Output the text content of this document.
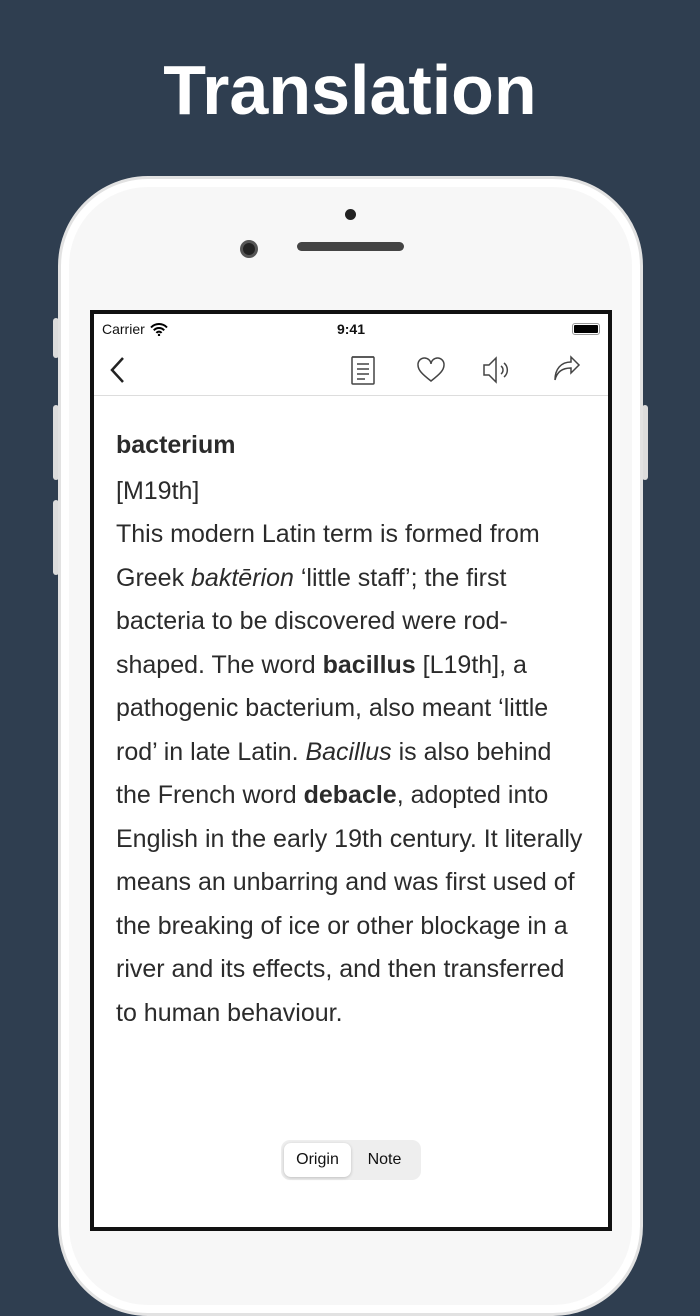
Translation
Carrier	9:41
bacterium
[M19th]
This modern Latin term is formed from Greek baktērion ‘little staff’; the first bacteria to be discovered were rod-shaped. The word bacillus [L19th], a pathogenic bacterium, also meant ‘little rod’ in late Latin. Bacillus is also behind the French word debacle, adopted into English in the early 19th century. It literally means an unbarring and was first used of the breaking of ice or other blockage in a river and its effects, and then transferred to human behaviour.
Origin	Note
